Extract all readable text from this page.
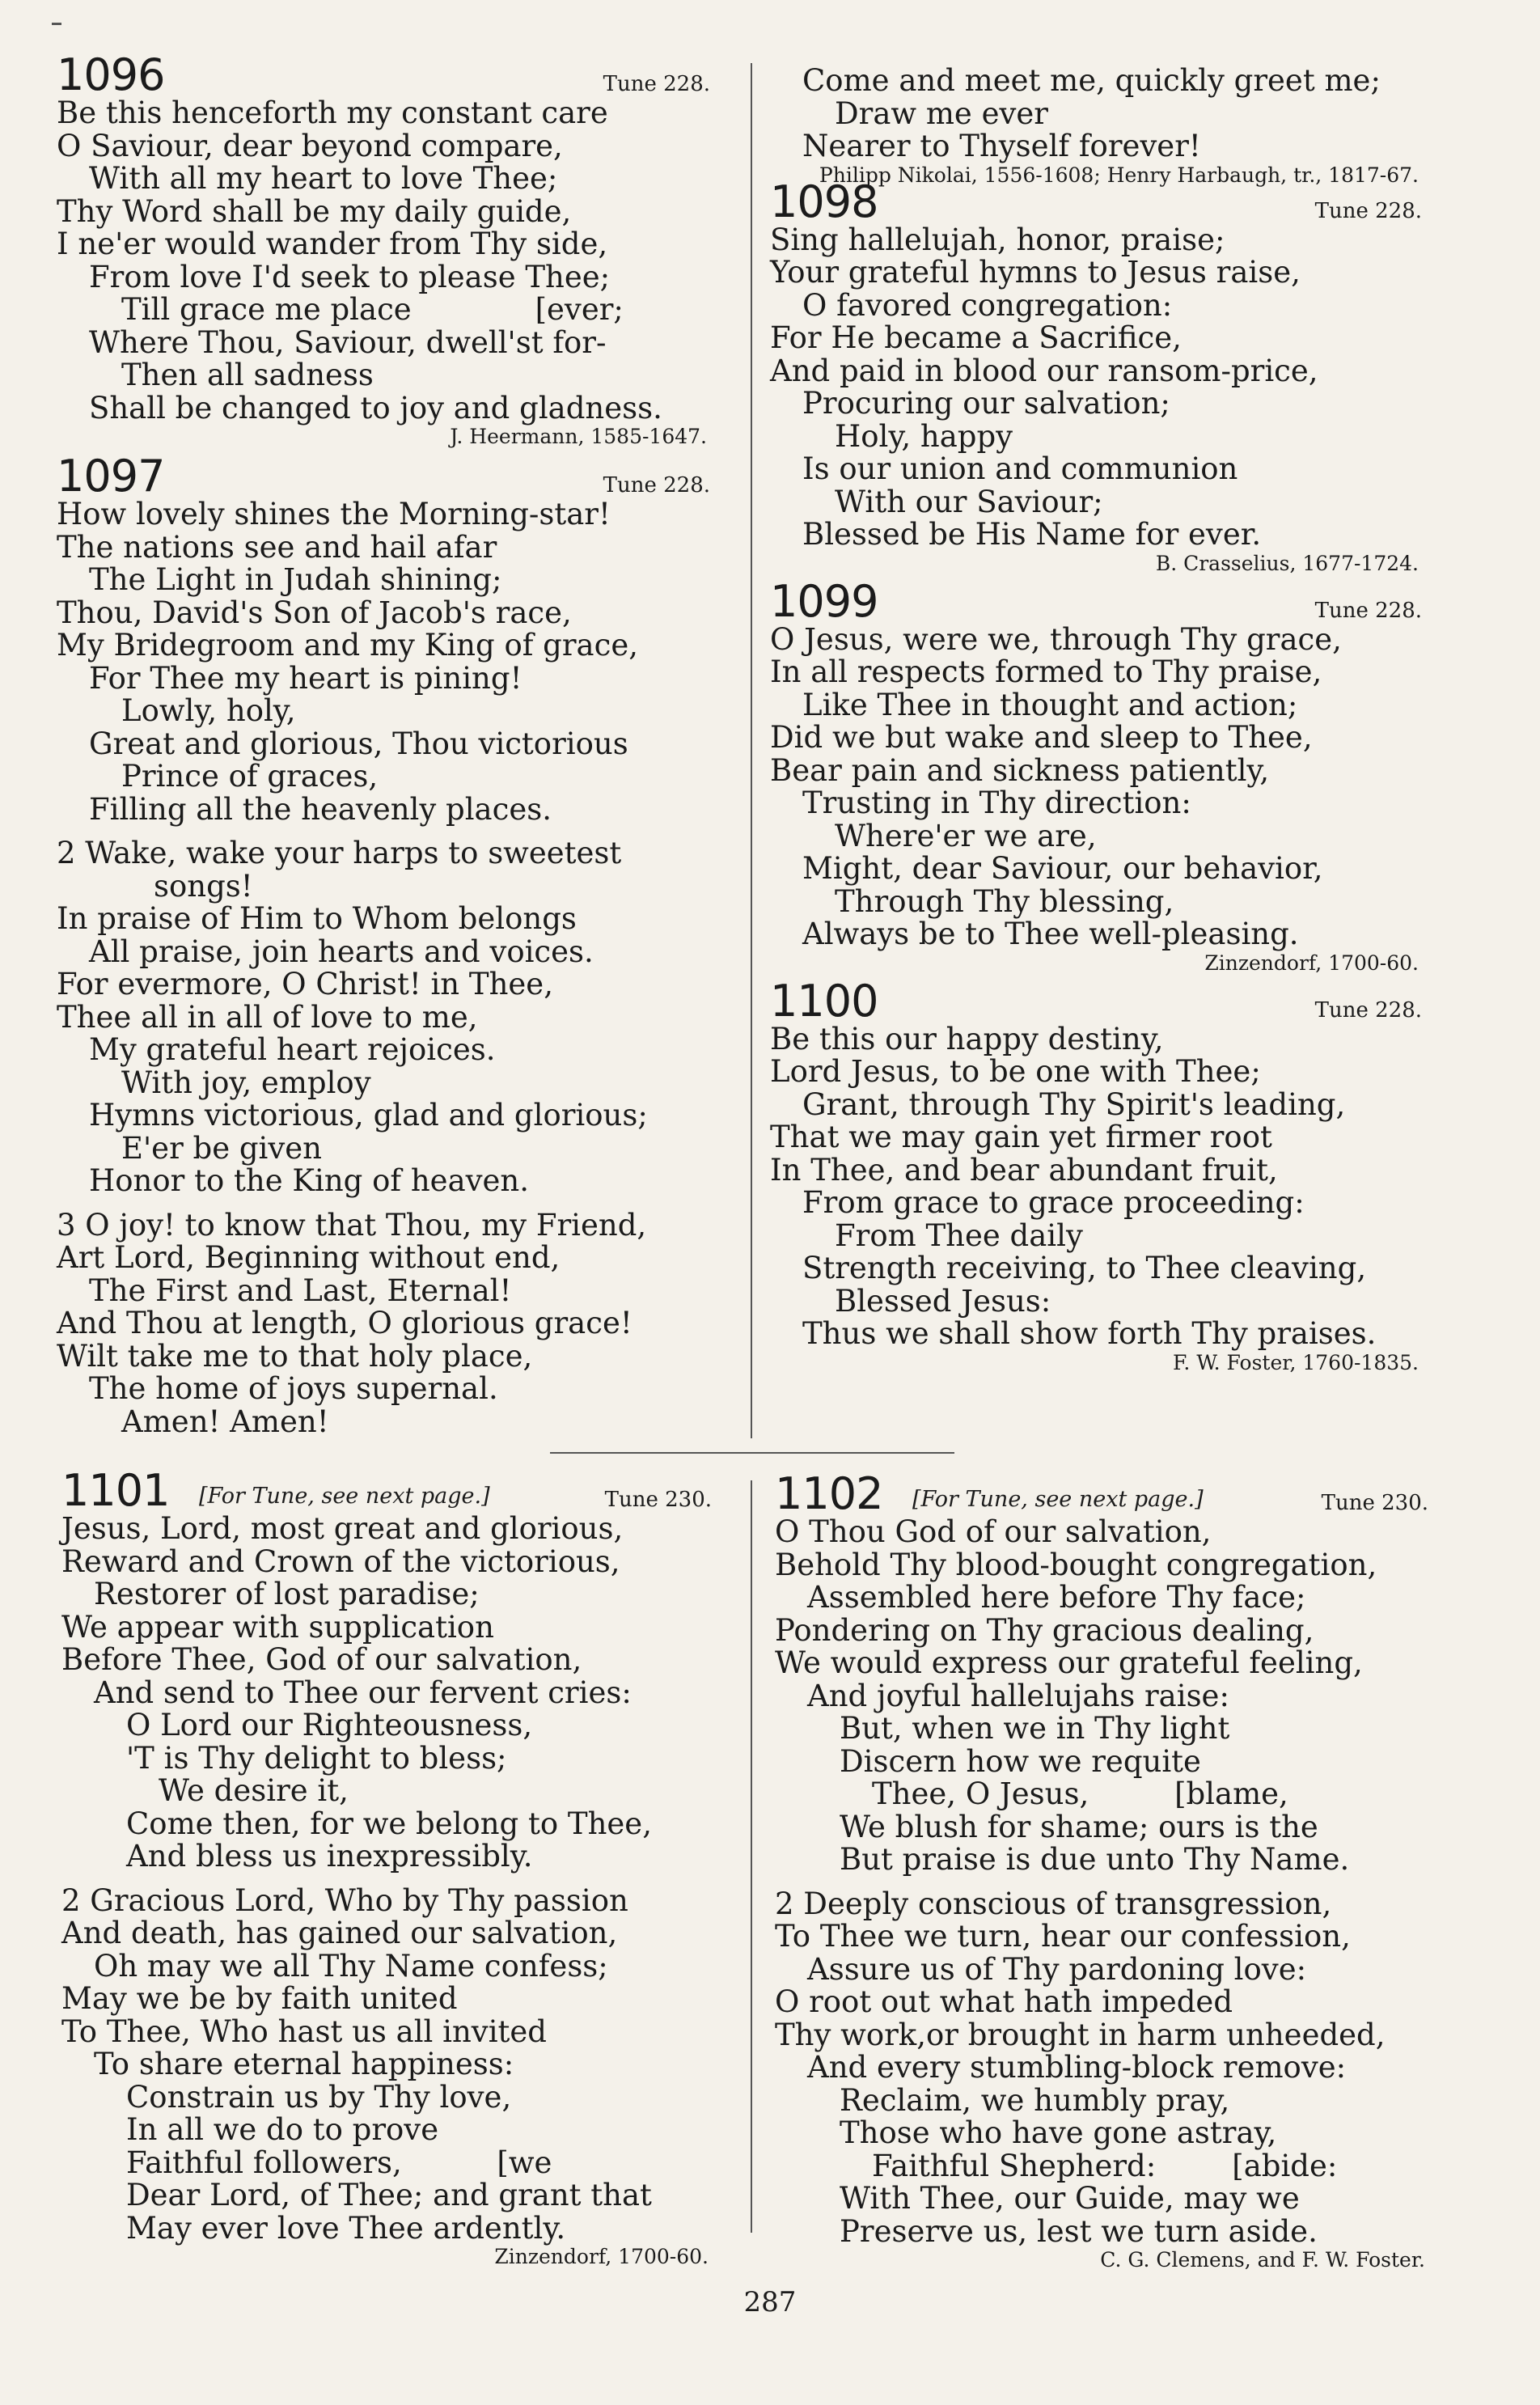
1096	Tune 228.
Be this henceforth my constant care
O Saviour, dear beyond compare,
With all my heart to love Thee;
Thy Word shall be my daily guide,
I ne'er would wander from Thy side,
From love I'd seek to please Thee;
Till grace me place             [ever;
Where Thou, Saviour, dwell'st for-
Then all sadness
Shall be changed to joy and gladness.
J. Heermann, 1585-1647.
1097	Tune 228.
How lovely shines the Morning-star!
The nations see and hail afar
The Light in Judah shining;
Thou, David's Son of Jacob's race,
My Bridegroom and my King of grace,
For Thee my heart is pining!
Lowly, holy,
Great and glorious, Thou victorious
Prince of graces,
Filling all the heavenly places.
2 Wake, wake your harps to sweetest
songs!
In praise of Him to Whom belongs
All praise, join hearts and voices.
For evermore, O Christ! in Thee,
Thee all in all of love to me,
My grateful heart rejoices.
With joy, employ
Hymns victorious, glad and glorious;
E'er be given
Honor to the King of heaven.
3 O joy! to know that Thou, my Friend,
Art Lord, Beginning without end,
The First and Last, Eternal!
And Thou at length, O glorious grace!
Wilt take me to that holy place,
The home of joys supernal.
Amen! Amen!
Come and meet me, quickly greet me;
Draw me ever
Nearer to Thyself forever!
Philipp Nikolai, 1556-1608; Henry Harbaugh, tr., 1817-67.
1098	Tune 228.
Sing hallelujah, honor, praise;
Your grateful hymns to Jesus raise,
O favored congregation:
For He became a Sacrifice,
And paid in blood our ransom-price,
Procuring our salvation;
Holy, happy
Is our union and communion
With our Saviour;
Blessed be His Name for ever.
B. Crasselius, 1677-1724.
1099	Tune 228.
O Jesus, were we, through Thy grace,
In all respects formed to Thy praise,
Like Thee in thought and action;
Did we but wake and sleep to Thee,
Bear pain and sickness patiently,
Trusting in Thy direction:
Where'er we are,
Might, dear Saviour, our behavior,
Through Thy blessing,
Always be to Thee well-pleasing.
Zinzendorf, 1700-60.
1100	Tune 228.
Be this our happy destiny,
Lord Jesus, to be one with Thee;
Grant, through Thy Spirit's leading,
That we may gain yet firmer root
In Thee, and bear abundant fruit,
From grace to grace proceeding:
From Thee daily
Strength receiving, to Thee cleaving,
Blessed Jesus:
Thus we shall show forth Thy praises.
F. W. Foster, 1760-1835.
1101 [For Tune, see next page.]	Tune 230.
Jesus, Lord, most great and glorious,
Reward and Crown of the victorious,
Restorer of lost paradise;
We appear with supplication
Before Thee, God of our salvation,
And send to Thee our fervent cries:
O Lord our Righteousness,
'T is Thy delight to bless;
We desire it,
Come then, for we belong to Thee,
And bless us inexpressibly.
2 Gracious Lord, Who by Thy passion
And death, has gained our salvation,
Oh may we all Thy Name confess;
May we be by faith united
To Thee, Who hast us all invited
To share eternal happiness:
Constrain us by Thy love,
In all we do to prove
Faithful followers,          [we
Dear Lord, of Thee; and grant that
May ever love Thee ardently.
Zinzendorf, 1700-60.
1102 [For Tune, see next page.]	Tune 230.
O Thou God of our salvation,
Behold Thy blood-bought congregation,
Assembled here before Thy face;
Pondering on Thy gracious dealing,
We would express our grateful feeling,
And joyful hallelujahs raise:
But, when we in Thy light
Discern how we requite
Thee, O Jesus,         [blame,
We blush for shame; ours is the
But praise is due unto Thy Name.
2 Deeply conscious of transgression,
To Thee we turn, hear our confession,
Assure us of Thy pardoning love:
O root out what hath impeded
Thy work,or brought in harm unheeded,
And every stumbling-block remove:
Reclaim, we humbly pray,
Those who have gone astray,
Faithful Shepherd:        [abide:
With Thee, our Guide, may we
Preserve us, lest we turn aside.
C. G. Clemens, and F. W. Foster.
287
